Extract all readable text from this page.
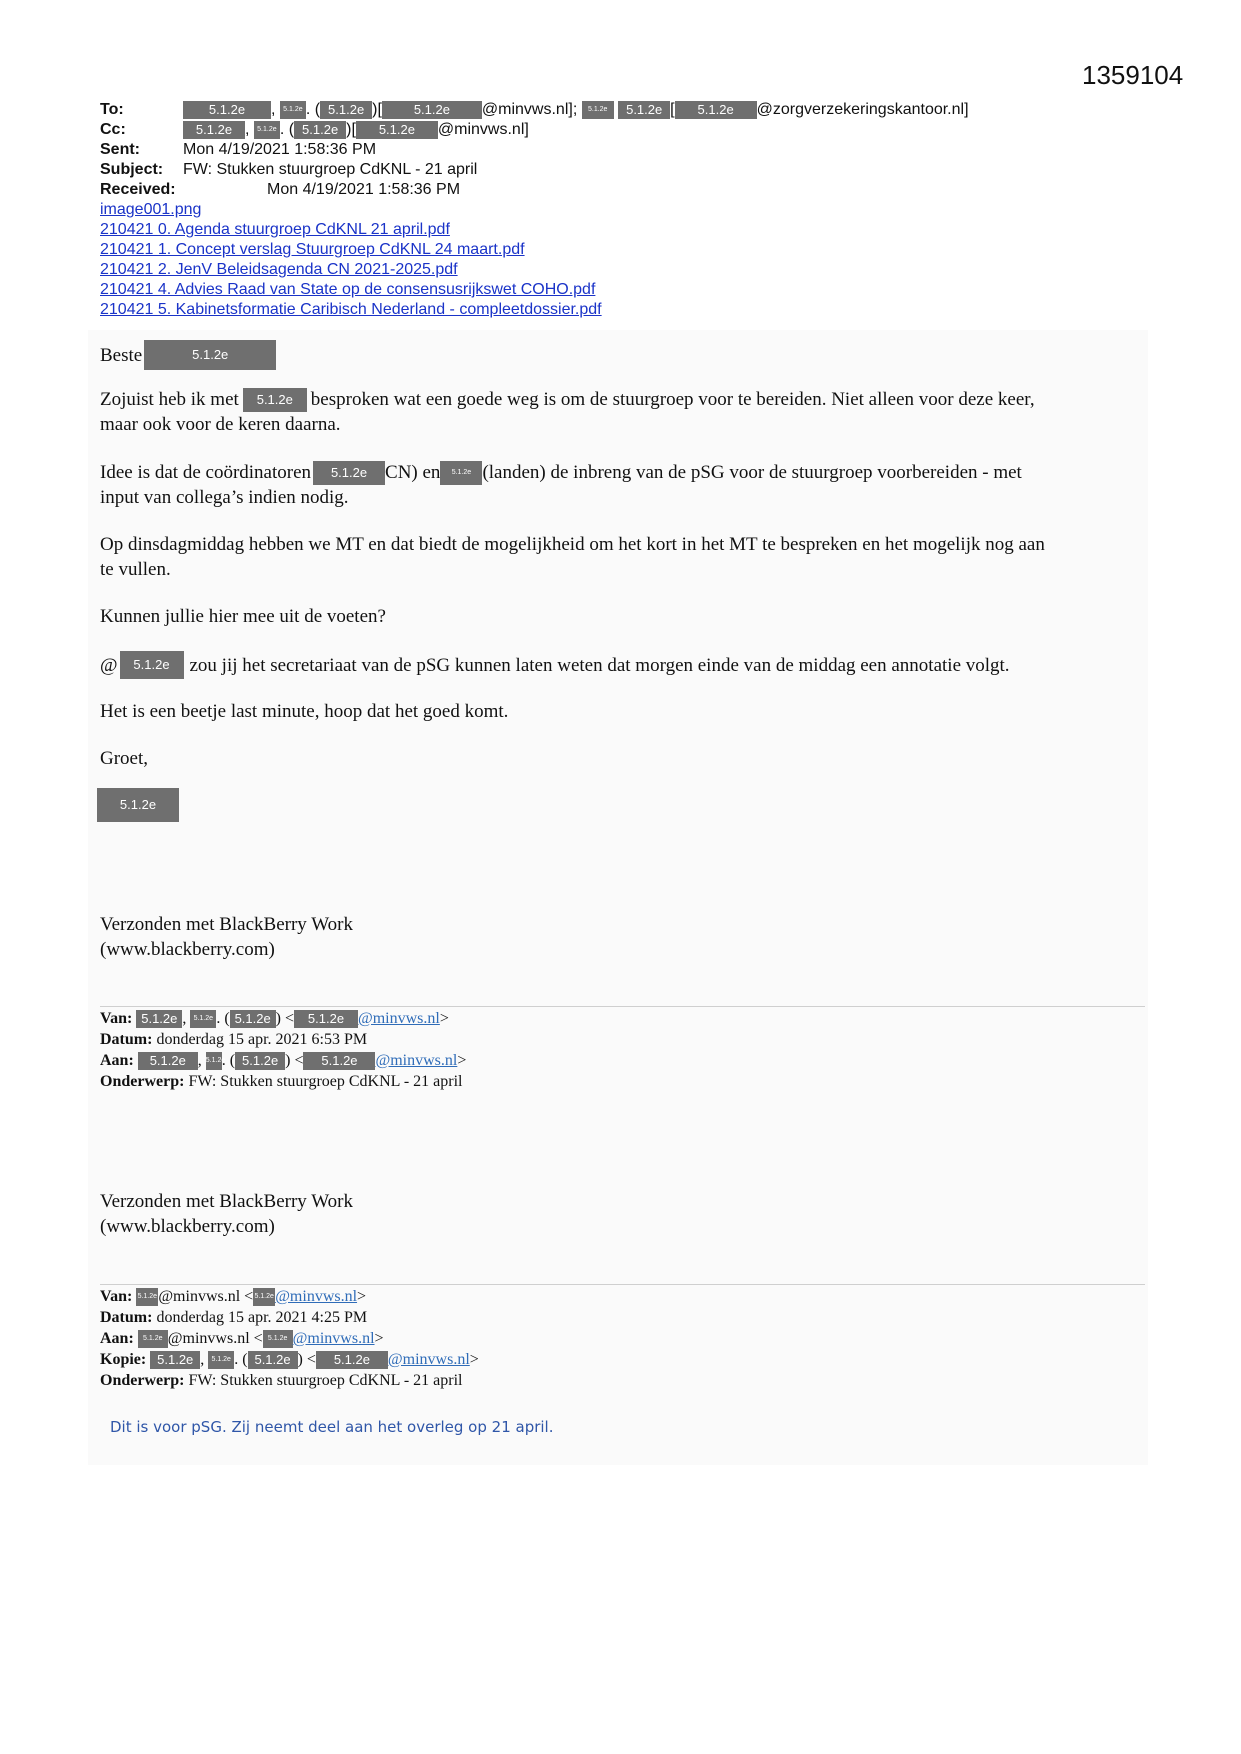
1359104
To:	5.1.2e	, 5.1.2e . ( 5.1.2e )[	5.1.2e	@minvws.nl];
	5.1.2e
	5.1.2e [	5.1.2e	@zorgverzekeringskantoor.nl]
Cc:	5.1.2e , 5.1.2e . ( 5.1.2e )[	5.1.2e	@minvws.nl]
Sent:	Mon 4/19/2021 1:58:36 PM
Subject:	FW: Stukken stuurgroep CdKNL - 21 april
Received:	Mon 4/19/2021 1:58:36 PM
image001.png
210421 0. Agenda stuurgroep CdKNL 21 april.pdf
210421 1. Concept verslag Stuurgroep CdKNL 24 maart.pdf
210421 2. JenV Beleidsagenda CN 2021-2025.pdf
210421 4. Advies Raad van State op de consensusrijkswet COHO.pdf
210421 5. Kabinetsformatie Caribisch Nederland - compleetdossier.pdf
Beste	5.1.2e
Zojuist heb ik met	5.1.2e besproken wat een goede weg is om de stuurgroep voor te bereiden. Niet alleen voor deze keer,
maar ook voor de keren daarna.
Idee is dat de coördinatoren	5.1.2e CN) en	5.1.2e (landen) de inbreng van de pSG voor de stuurgroep voorbereiden - met
input van collega’s indien nodig.
Op dinsdagmiddag hebben we MT en dat biedt de mogelijkheid om het kort in het MT te bespreken en het mogelijk nog aan
te vullen.
Kunnen jullie hier mee uit de voeten?
@	5.1.2e	zou jij het secretariaat van de pSG kunnen laten weten dat morgen einde van de middag een annotatie volgt.
Het is een beetje last minute, hoop dat het goed komt.
Groet,
5.1.2e
Verzonden met BlackBerry Work
(www.blackberry.com)
Van:
5.1.2e , 5.1.2e . ( 5.1.2e ) <	5.1.2e @minvws.nl >
Datum:
donderdag 15 apr. 2021 6:53 PM
Aan:
	5.1.2e , 5.1.2e
. ( 5.1.2e ) <	5.1.2e	@minvws.nl >
Onderwerp:
FW: Stukken stuurgroep CdKNL - 21 april
Verzonden met BlackBerry Work
(www.blackberry.com)
Van:
5.1.2e @minvws.nl < 5.1.2e @minvws.nl >
Datum:
donderdag 15 apr. 2021 4:25 PM
Aan:
	5.1.2e @minvws.nl < 5.1.2e @minvws.nl >
Kopie:
5.1.2e , 5.1.2e . ( 5.1.2e ) <	5.1.2e	@minvws.nl >
Onderwerp:
FW: Stukken stuurgroep CdKNL - 21 april
Dit is voor pSG. Zij neemt deel aan het overleg op 21 april.
